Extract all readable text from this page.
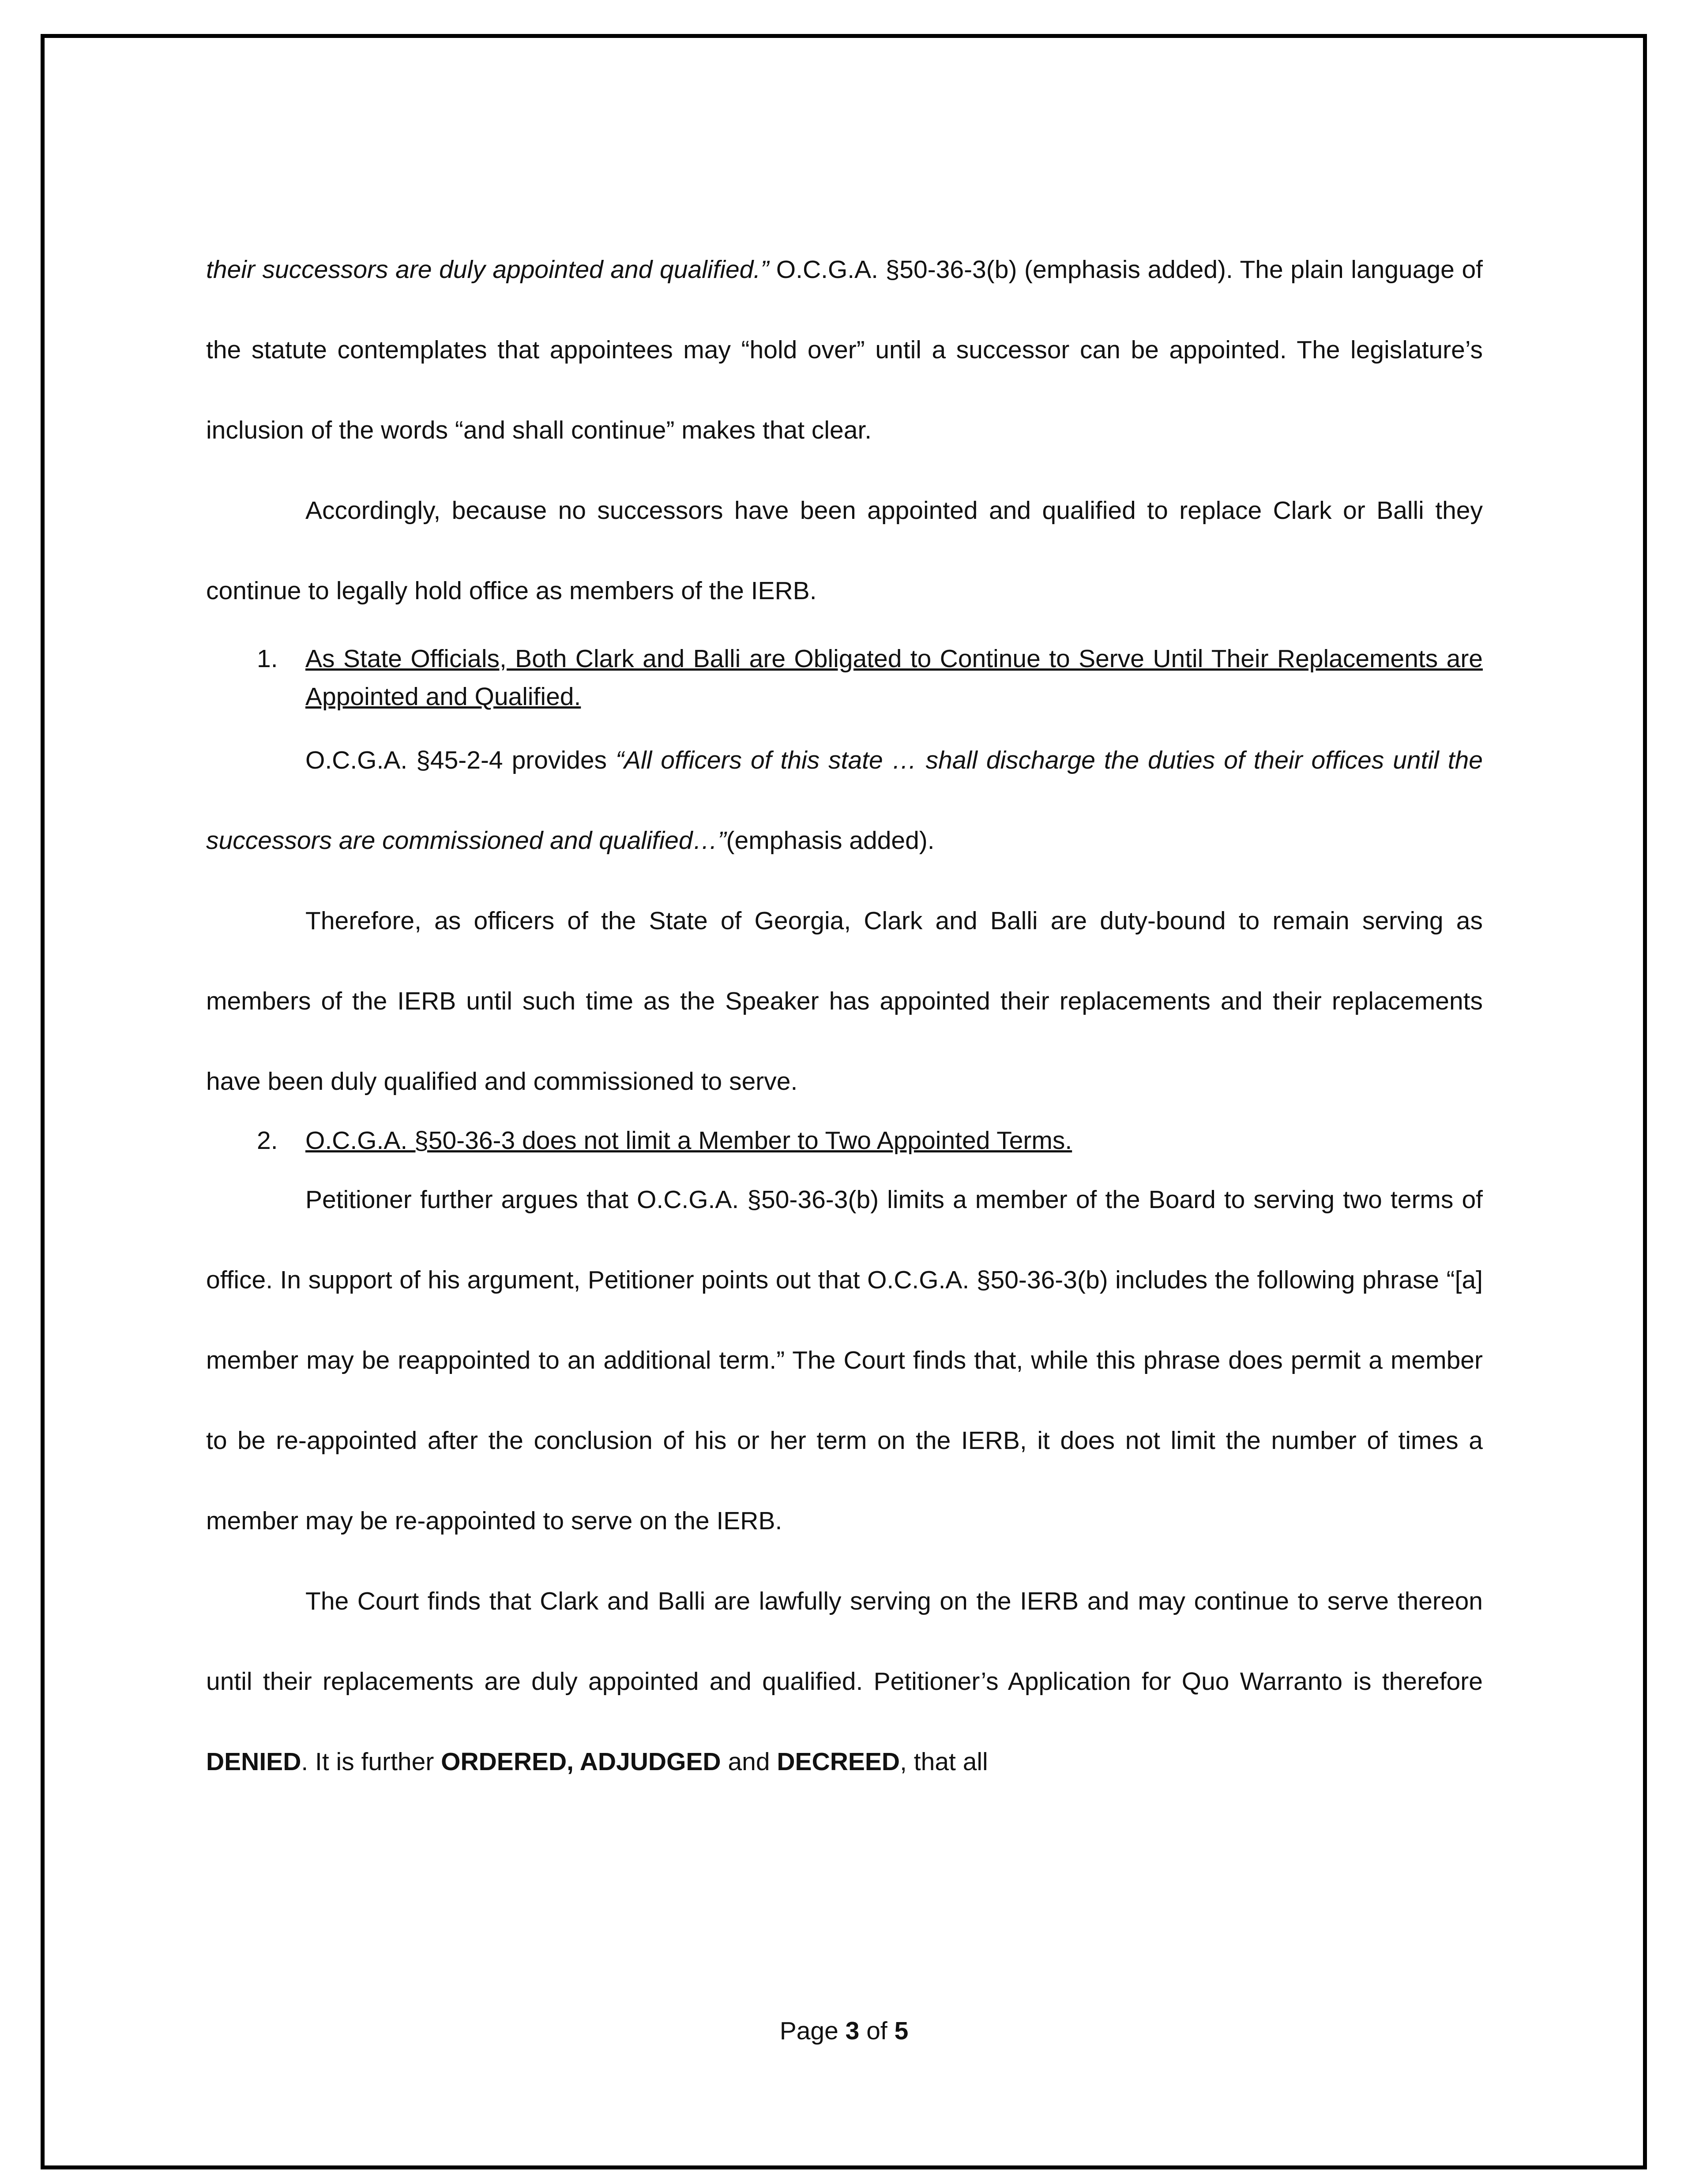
their successors are duly appointed and qualified.” O.C.G.A. §50-36-3(b) (emphasis added). The plain language of the statute contemplates that appointees may “hold over” until a successor can be appointed. The legislature’s inclusion of the words “and shall continue” makes that clear.

Accordingly, because no successors have been appointed and qualified to replace Clark or Balli they continue to legally hold office as members of the IERB.

1. As State Officials, Both Clark and Balli are Obligated to Continue to Serve Until Their Replacements are Appointed and Qualified.

O.C.G.A. §45-2-4 provides “All officers of this state … shall discharge the duties of their offices until the successors are commissioned and qualified…”(emphasis added).

Therefore, as officers of the State of Georgia, Clark and Balli are duty-bound to remain serving as members of the IERB until such time as the Speaker has appointed their replacements and their replacements have been duly qualified and commissioned to serve.

2. O.C.G.A. §50-36-3 does not limit a Member to Two Appointed Terms.

Petitioner further argues that O.C.G.A. §50-36-3(b) limits a member of the Board to serving two terms of office. In support of his argument, Petitioner points out that O.C.G.A. §50-36-3(b) includes the following phrase “[a] member may be reappointed to an additional term.” The Court finds that, while this phrase does permit a member to be re-appointed after the conclusion of his or her term on the IERB, it does not limit the number of times a member may be re-appointed to serve on the IERB.

The Court finds that Clark and Balli are lawfully serving on the IERB and may continue to serve thereon until their replacements are duly appointed and qualified. Petitioner’s Application for Quo Warranto is therefore DENIED. It is further ORDERED, ADJUDGED and DECREED, that all

Page 3 of 5
